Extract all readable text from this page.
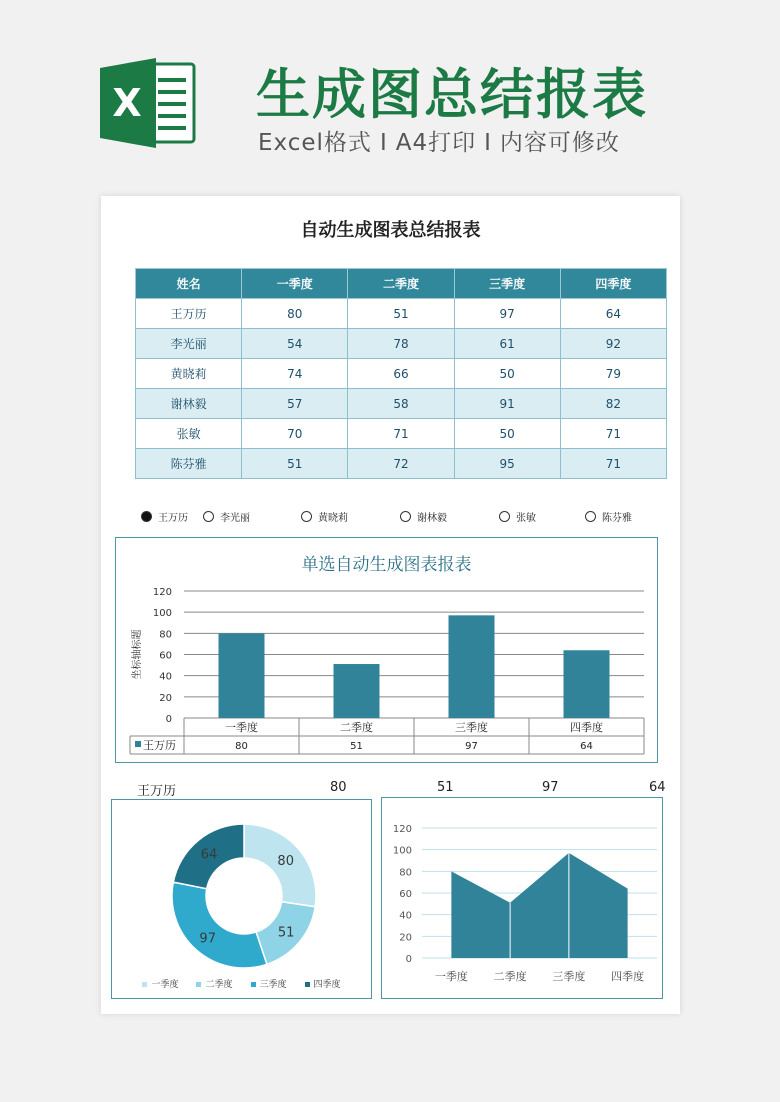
X 生成图总结报表
Excel格式 I A4打印 I 内容可修改
自动生成图表总结报表
姓名	一季度	二季度	三季度	四季度
王万历	80	51	97	64
李光丽	54	78	61	92
黄晓莉	74	66	50	79
谢林毅	57	58	91	82
张敏	70	71	50	71
陈芬雅	51	72	95	71
王万历	李光丽	黄晓莉	谢林毅	张敏	陈芬雅
单选自动生成图表报表
0
20
40
60
80
100
120
坐标轴标题
一季度
80
二季度
51
三季度
97
四季度
64
王万历
王万历	80	51	97	64
80
51
97
64
一季度	二季度	三季度	四季度
0
20
40
60
80
100
120
一季度 二季度 三季度 四季度
